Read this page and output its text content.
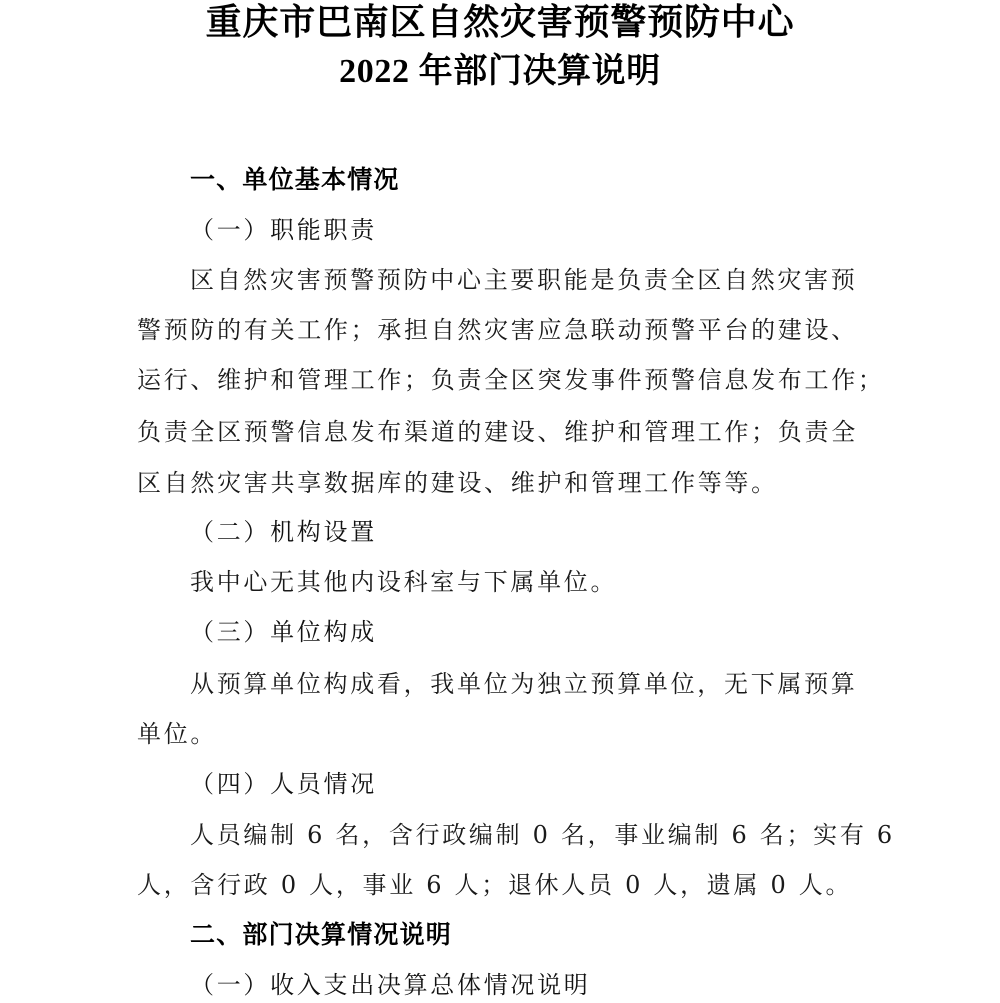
重庆市巴南区自然灾害预警预防中心
2022 年部门决算说明
一、单位基本情况
（一）职能职责
区自然灾害预警预防中心主要职能是负责全区自然灾害预
警预防的有关工作；承担自然灾害应急联动预警平台的建设、
运行、维护和管理工作；负责全区突发事件预警信息发布工作；
负责全区预警信息发布渠道的建设、维护和管理工作；负责全
区自然灾害共享数据库的建设、维护和管理工作等等。
（二）机构设置
我中心无其他内设科室与下属单位。
（三）单位构成
从预算单位构成看，我单位为独立预算单位，无下属预算
单位。
（四）人员情况
人员编制 6 名，含行政编制 0 名，事业编制 6 名；实有 6
人，含行政 0 人，事业 6 人；退休人员 0 人，遗属 0 人。
二、部门决算情况说明
（一）收入支出决算总体情况说明
